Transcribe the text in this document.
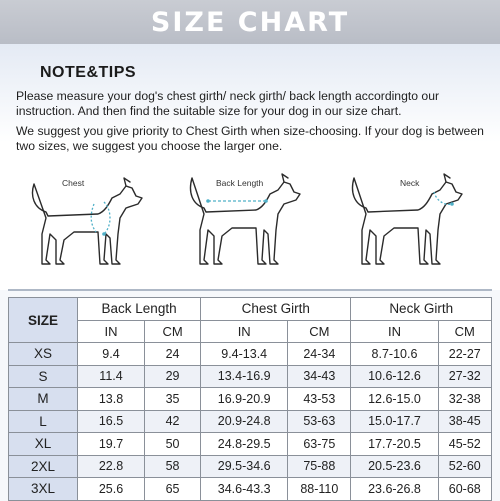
SIZE CHART
NOTE&TIPS
Please measure your dog's chest girth/ neck girth/ back length accordingto our instruction. And then find the suitable size for your dog in our size chart.
We suggest you give priority to Chest Girth when size-choosing. If your dog is between two sizes, we suggest you choose the larger one.
Chest	Back Length	Neck
SIZE	Back Length		Chest Girth		Neck Girth	
	IN	CM	IN	CM	IN	CM
XS	9.4	24	9.4-13.4	24-34	8.7-10.6	22-27
S	11.4	29	13.4-16.9	34-43	10.6-12.6	27-32
M	13.8	35	16.9-20.9	43-53	12.6-15.0	32-38
L	16.5	42	20.9-24.8	53-63	15.0-17.7	38-45
XL	19.7	50	24.8-29.5	63-75	17.7-20.5	45-52
2XL	22.8	58	29.5-34.6	75-88	20.5-23.6	52-60
3XL	25.6	65	34.6-43.3	88-110	23.6-26.8	60-68
